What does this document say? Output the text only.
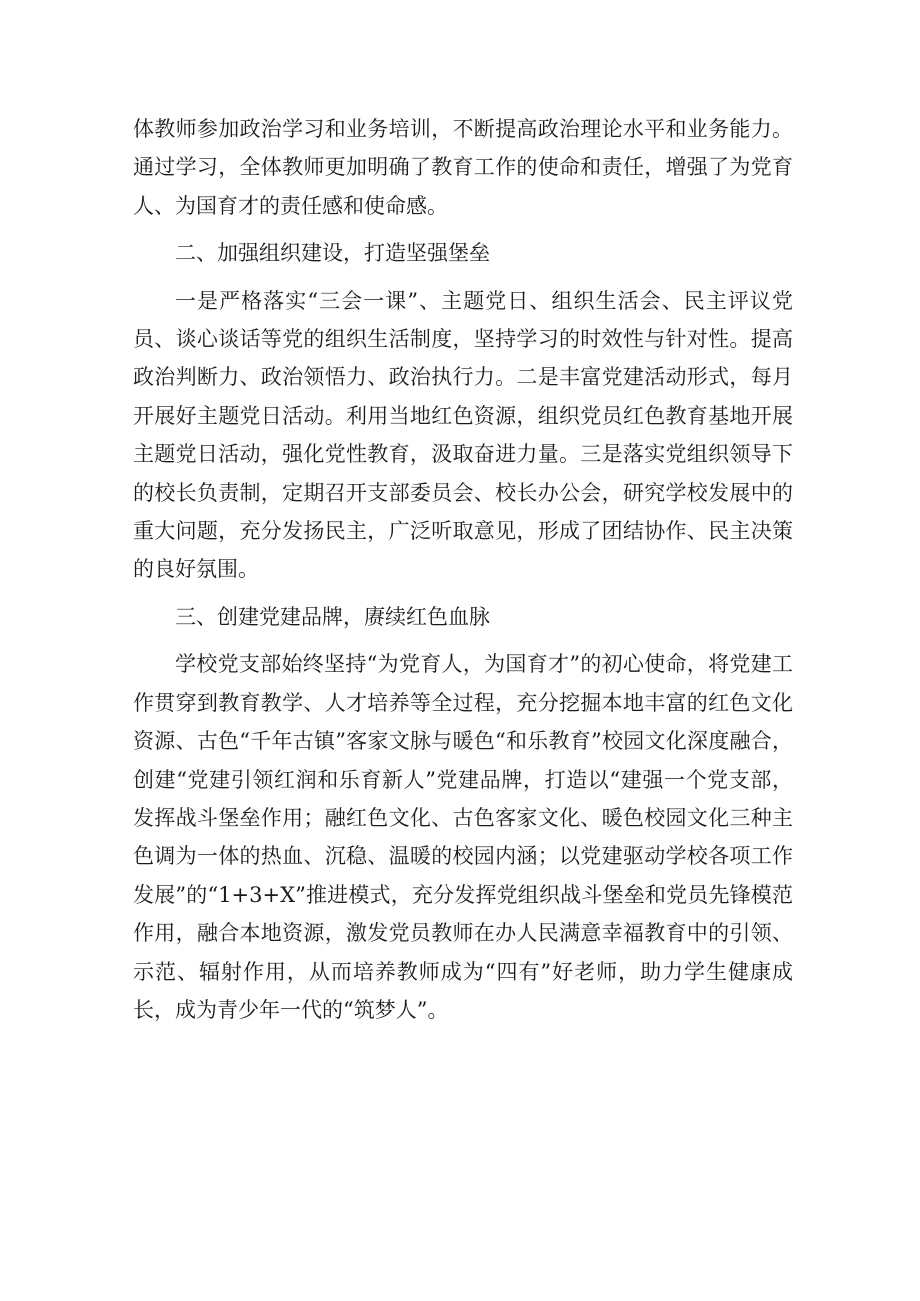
体教师参加政治学习和业务培训，不断提高政治理论水平和业务能力。通过学习，全体教师更加明确了教育工作的使命和责任，增强了为党育人、为国育才的责任感和使命感。

二、加强组织建设，打造坚强堡垒

一是严格落实“三会一课”、主题党日、组织生活会、民主评议党员、谈心谈话等党的组织生活制度，坚持学习的时效性与针对性。提高政治判断力、政治领悟力、政治执行力。二是丰富党建活动形式，每月开展好主题党日活动。利用当地红色资源，组织党员红色教育基地开展主题党日活动，强化党性教育，汲取奋进力量。三是落实党组织领导下的校长负责制，定期召开支部委员会、校长办公会，研究学校发展中的重大问题，充分发扬民主，广泛听取意见，形成了团结协作、民主决策的良好氛围。

三、创建党建品牌，赓续红色血脉

学校党支部始终坚持“为党育人，为国育才”的初心使命，将党建工作贯穿到教育教学、人才培养等全过程，充分挖掘本地丰富的红色文化资源、古色“千年古镇”客家文脉与暖色“和乐教育”校园文化深度融合，创建“党建引领红润和乐育新人”党建品牌，打造以“建强一个党支部，发挥战斗堡垒作用；融红色文化、古色客家文化、暖色校园文化三种主色调为一体的热血、沉稳、温暖的校园内涵；以党建驱动学校各项工作发展”的“1+3+X”推进模式，充分发挥党组织战斗堡垒和党员先锋模范作用，融合本地资源，激发党员教师在办人民满意幸福教育中的引领、示范、辐射作用，从而培养教师成为“四有”好老师，助力学生健康成长，成为青少年一代的“筑梦人”。
